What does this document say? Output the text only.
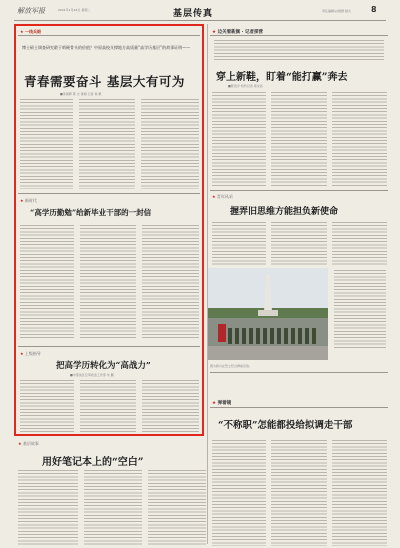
解放军报	2021年1月26日 星期二	基层传真	责任编辑/谷建群 版式	8
★ 一线兵眼
博士硕士调查研究敢于啃硬骨头的价值？中原高校支撑地方高质量“高学历基层”的故事证明——
青春需要奋斗 基层大有可为
■李国辉 陈 志 黄相 记者 杨 帆
★ 新时代
“高学历勤勉”给新毕业干部的一封信
★ 上级指导
把高学历转化为“高战力”
■中部战区空军政治工作部 朱 鹏
★ 基层故事
用好笔记本上的“空白”
★ 边关看新颜 · 记者探营
穿上新鞋，盯着“能打赢”奔去
■陈浩宇 特约记者 郭永昌
★ 青年风采
握弄旧思维方能担负新使命
图为新兵在烈士纪念碑前宣誓。
★ 弹着镜
“不称职”怎能都投给拟调走干部
